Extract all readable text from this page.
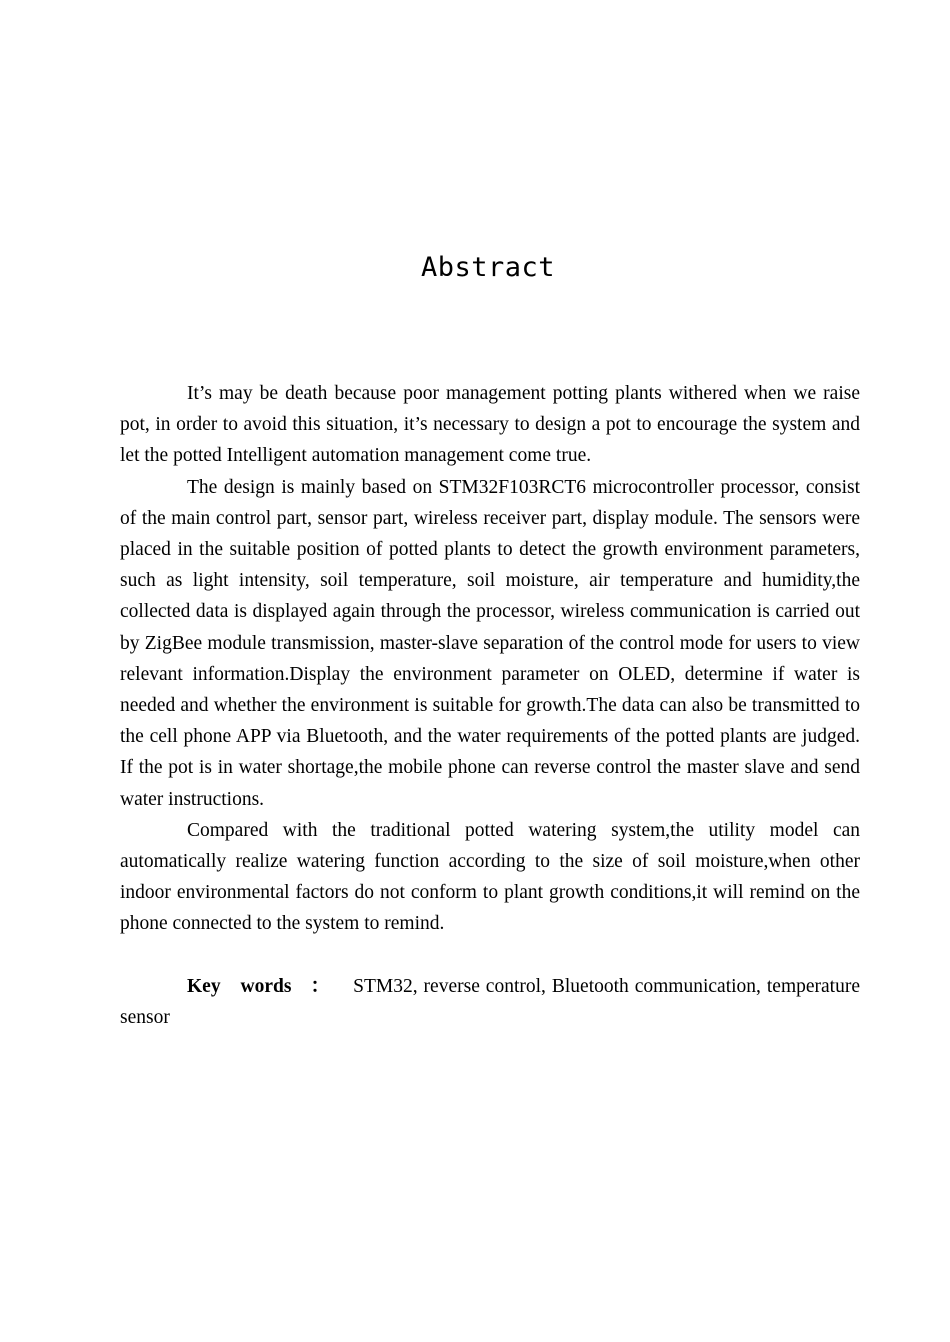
Abstract

It’s may be death because poor management potting plants withered when we raise pot, in order to avoid this situation, it’s necessary to design a pot to encourage the system and let the potted Intelligent automation management come true.

The design is mainly based on STM32F103RCT6 microcontroller processor, consist of the main control part, sensor part, wireless receiver part, display module. The sensors were placed in the suitable position of potted plants to detect the growth environment parameters, such as light intensity, soil temperature, soil moisture, air temperature and humidity,the collected data is displayed again through the processor, wireless communication is carried out by ZigBee module transmission, master-slave separation of the control mode for users to view relevant information.Display the environment parameter on OLED, determine if water is needed and whether the environment is suitable for growth.The data can also be transmitted to the cell phone APP via Bluetooth, and the water requirements of the potted plants are judged. If the pot is in water shortage,the mobile phone can reverse control the master slave and send water instructions.

Compared with the traditional potted watering system,the utility model can automatically realize watering function according to the size of soil moisture,when other indoor environmental factors do not conform to plant growth conditions,it will remind on the phone connected to the system to remind.

Key words ： STM32, reverse control, Bluetooth communication, temperature sensor
